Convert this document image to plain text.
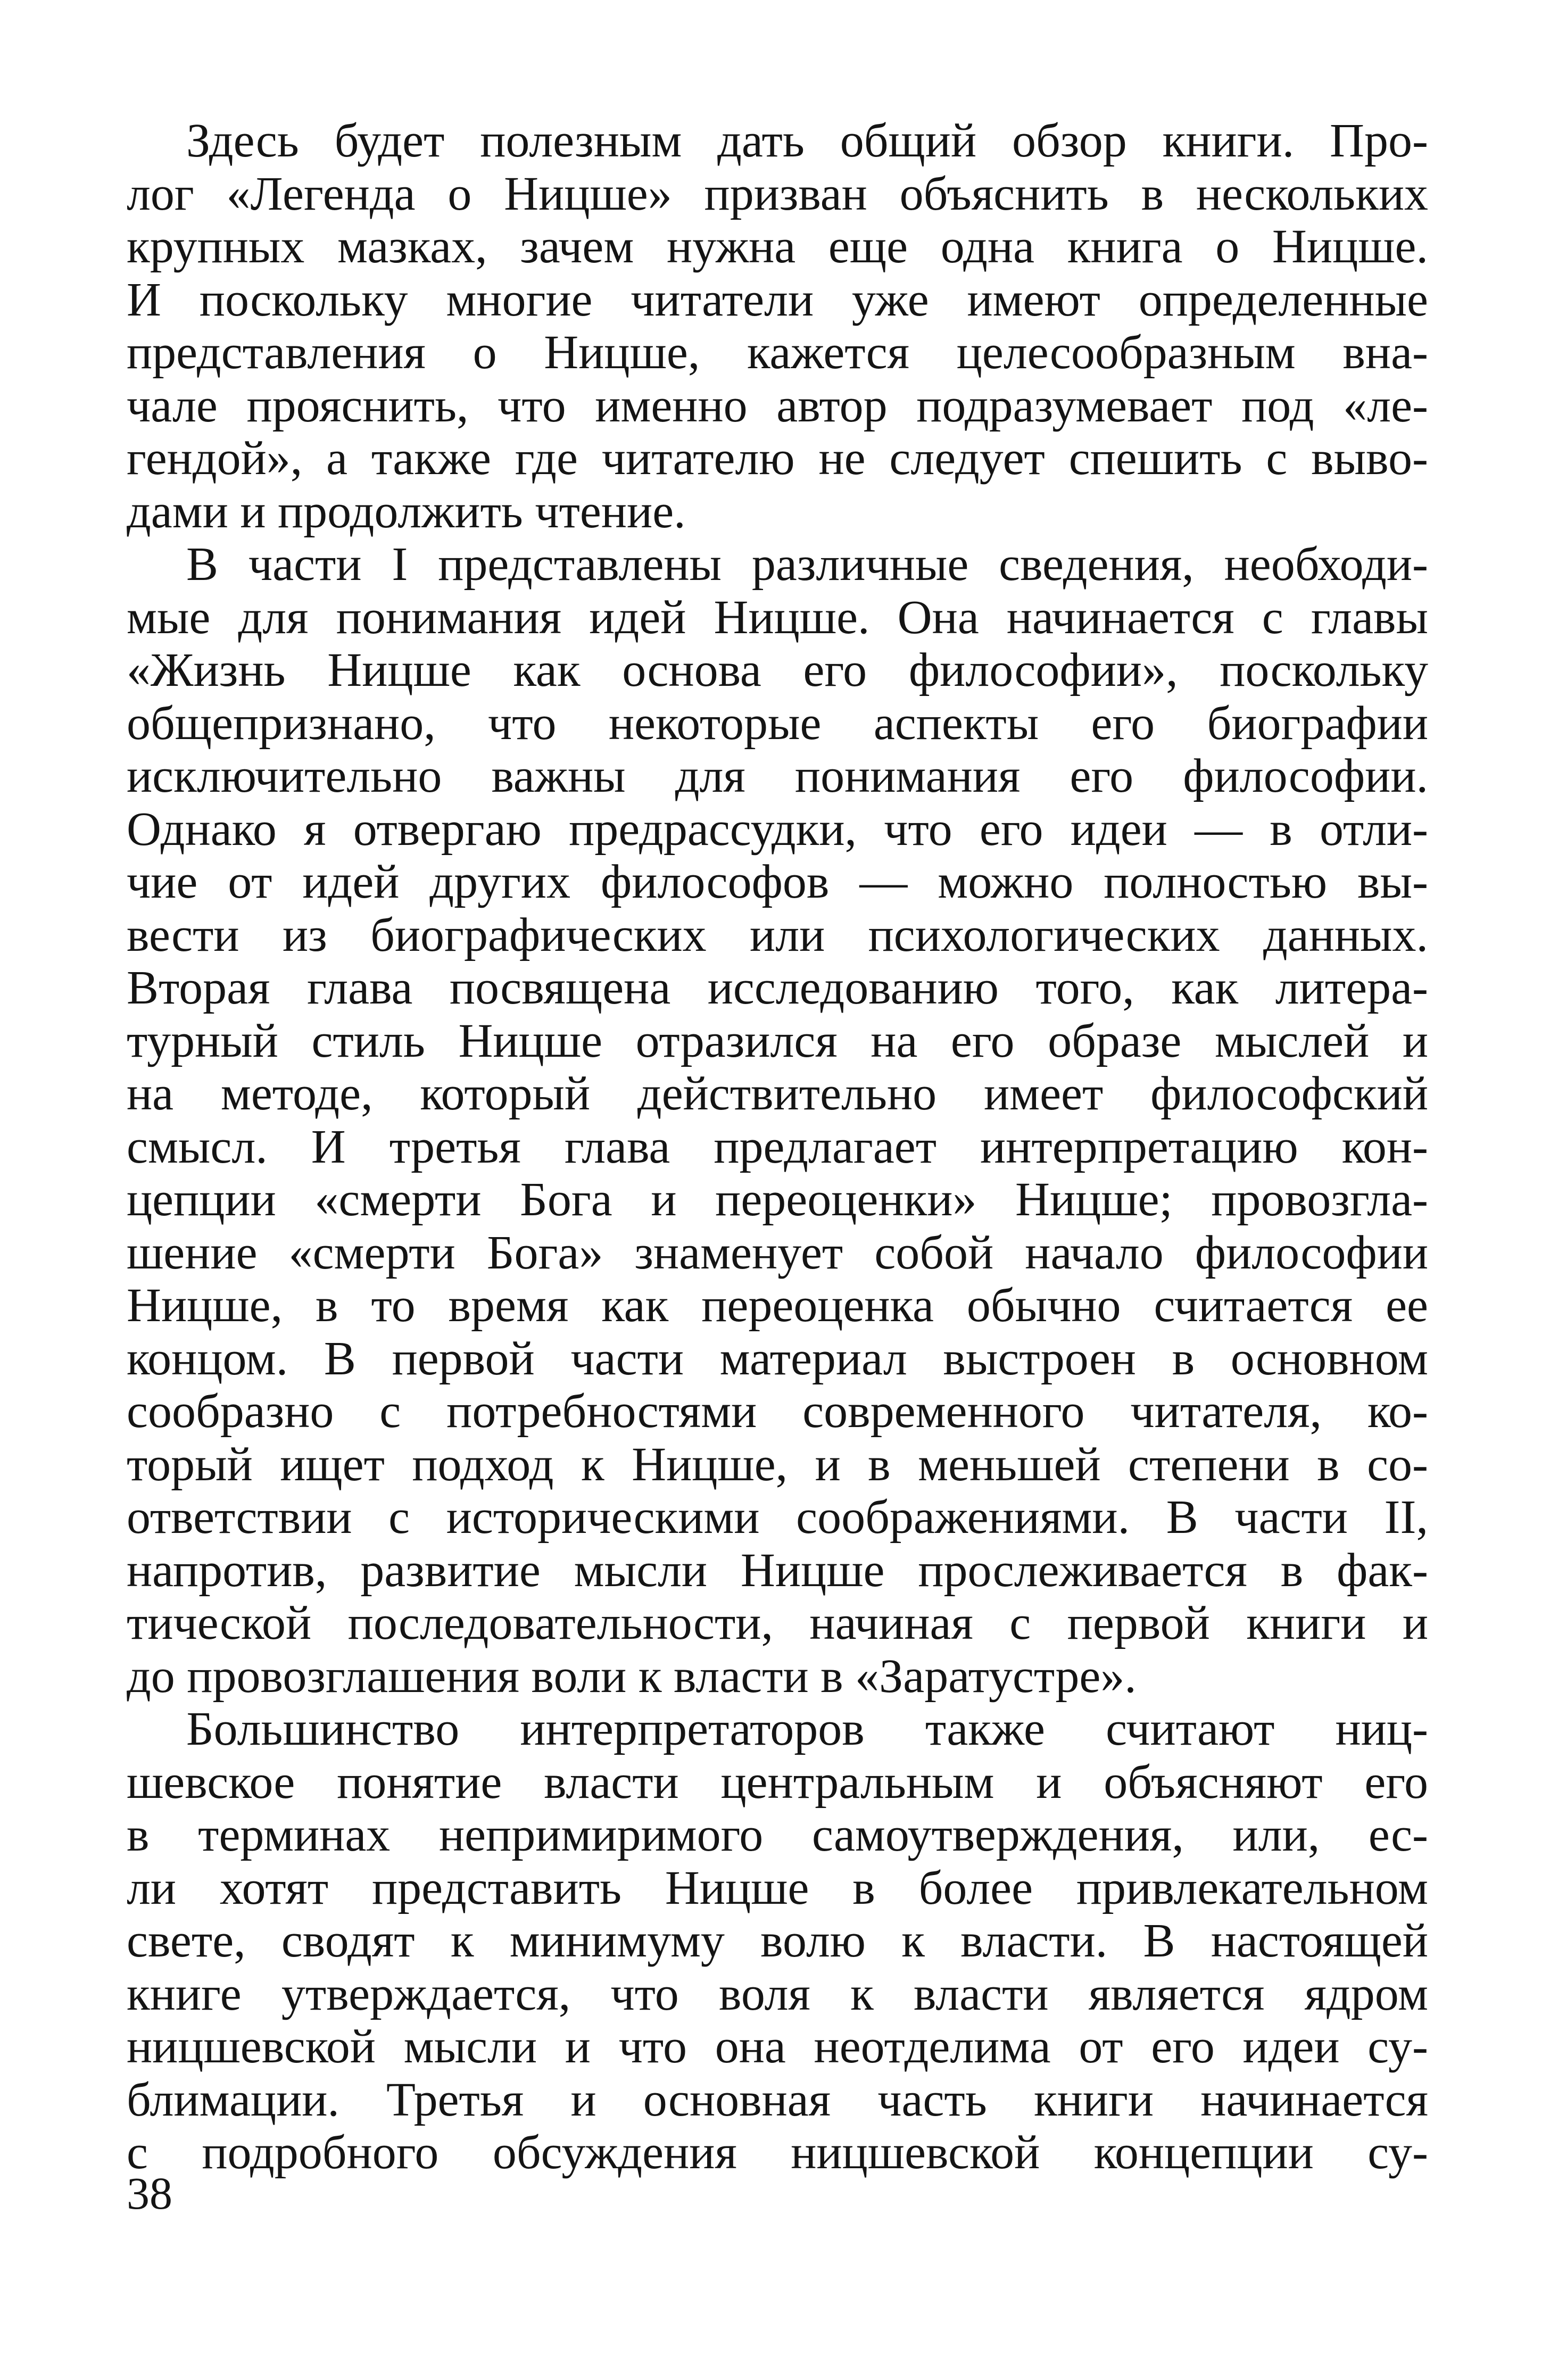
Здесь будет полезным дать общий обзор книги. Про-
лог «Легенда о Ницше» призван объяснить в нескольких
крупных мазках, зачем нужна еще одна книга о Ницше.
И поскольку многие читатели уже имеют определенные
представления о Ницше, кажется целесообразным вна-
чале прояснить, что именно автор подразумевает под «ле-
гендой», а также где читателю не следует спешить с выво-
дами и продолжить чтение.
В части I представлены различные сведения, необходи-
мые для понимания идей Ницше. Она начинается с главы
«Жизнь Ницше как основа его философии», поскольку
общепризнано, что некоторые аспекты его биографии
исключительно важны для понимания его философии.
Однако я отвергаю предрассудки, что его идеи — в отли-
чие от идей других философов — можно полностью вы-
вести из биографических или психологических данных.
Вторая глава посвящена исследованию того, как литера-
турный стиль Ницше отразился на его образе мыслей и
на методе, который действительно имеет философский
смысл. И третья глава предлагает интерпретацию кон-
цепции «смерти Бога и переоценки» Ницше; провозгла-
шение «смерти Бога» знаменует собой начало философии
Ницше, в то время как переоценка обычно считается ее
концом. В первой части материал выстроен в основном
сообразно с потребностями современного читателя, ко-
торый ищет подход к Ницше, и в меньшей степени в со-
ответствии с историческими соображениями. В части II,
напротив, развитие мысли Ницше прослеживается в фак-
тической последовательности, начиная с первой книги и
до провозглашения воли к власти в «Заратустре».
Большинство интерпретаторов также считают ниц-
шевское понятие власти центральным и объясняют его
в терминах непримиримого самоутверждения, или, ес-
ли хотят представить Ницше в более привлекательном
свете, сводят к минимуму волю к власти. В настоящей
книге утверждается, что воля к власти является ядром
ницшевской мысли и что она неотделима от его идеи су-
блимации. Третья и основная часть книги начинается
с подробного обсуждения ницшевской концепции су-
38
